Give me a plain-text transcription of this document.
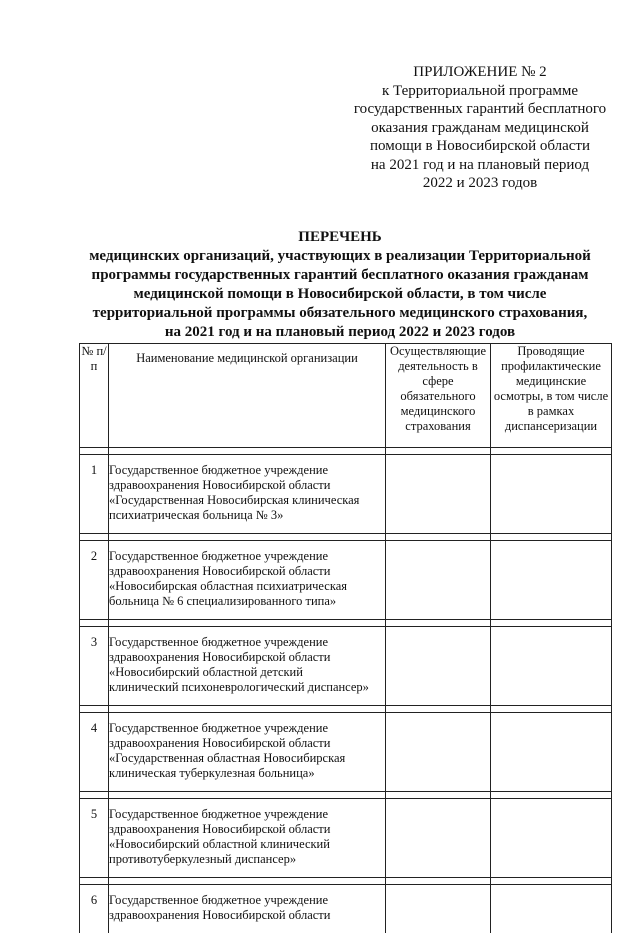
ПРИЛОЖЕНИЕ № 2
к Территориальной программе
государственных гарантий бесплатного
оказания гражданам медицинской
помощи в Новосибирской области
на 2021 год и на плановый период
2022 и 2023 годов
ПЕРЕЧЕНЬ
медицинских организаций, участвующих в реализации Территориальной
программы государственных гарантий бесплатного оказания гражданам
медицинской помощи в Новосибирской области, в том числе
территориальной программы обязательного медицинского страхования,
на 2021 год и на плановый период 2022 и 2023 годов
№ п/п	Наименование медицинской организации	Осуществляющие деятельность в сфере обязательного медицинского страхования	Проводящие профилактические медицинские осмотры, в том числе в рамках диспансеризации

1	Государственное бюджетное учреждение
здравоохранения Новосибирской области
«Государственная Новосибирская клиническая
психиатрическая больница № 3»		

2	Государственное бюджетное учреждение
здравоохранения Новосибирской области
«Новосибирская областная психиатрическая
больница № 6 специализированного типа»		

3	Государственное бюджетное учреждение
здравоохранения Новосибирской области
«Новосибирский областной детский
клинический психоневрологический диспансер»		

4	Государственное бюджетное учреждение
здравоохранения Новосибирской области
«Государственная областная Новосибирская
клиническая туберкулезная больница»		

5	Государственное бюджетное учреждение
здравоохранения Новосибирской области
«Новосибирский областной клинический
противотуберкулезный диспансер»		

6	Государственное бюджетное учреждение
здравоохранения Новосибирской области		
